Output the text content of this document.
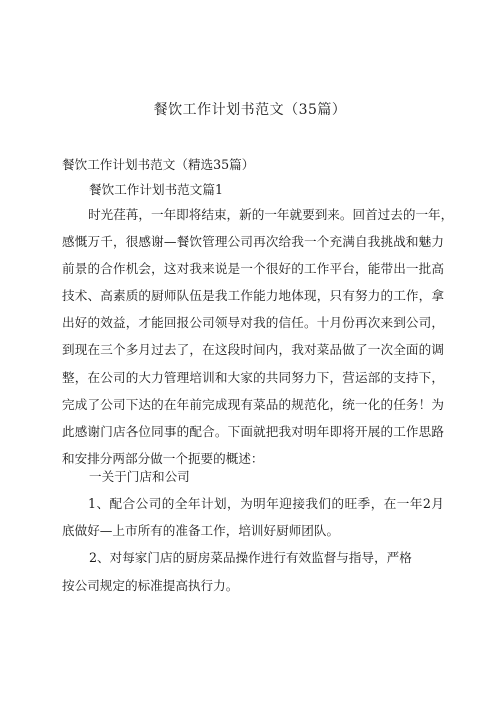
餐饮工作计划书范文（35篇）
餐饮工作计划书范文（精选35篇）
餐饮工作计划书范文篇1
时光荏苒，一年即将结束，新的一年就要到来。回首过去的一年，
感慨万千，很感谢—餐饮管理公司再次给我一个充满自我挑战和魅力
前景的合作机会，这对我来说是一个很好的工作平台，能带出一批高
技术、高素质的厨师队伍是我工作能力地体现，只有努力的工作，拿
出好的效益，才能回报公司领导对我的信任。十月份再次来到公司，
到现在三个多月过去了，在这段时间内，我对菜品做了一次全面的调
整，在公司的大力管理培训和大家的共同努力下，营运部的支持下，
完成了公司下达的在年前完成现有菜品的规范化，统一化的任务！为
此感谢门店各位同事的配合。下面就把我对明年即将开展的工作思路
和安排分两部分做一个扼要的概述：
一关于门店和公司
1、配合公司的全年计划，为明年迎接我们的旺季，在一年2月
底做好—上市所有的准备工作，培训好厨师团队。
2、对每家门店的厨房菜品操作进行有效监督与指导，严格
按公司规定的标准提高执行力。
